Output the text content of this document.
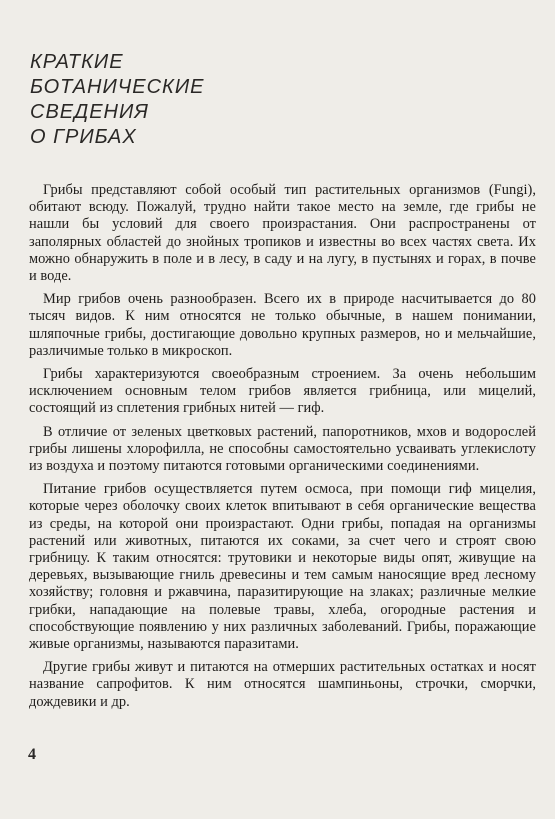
КРАТКИЕ
БОТАНИЧЕСКИЕ
СВЕДЕНИЯ
О ГРИБАХ

Грибы представляют собой особый тип растительных организмов (Fungi), обитают всюду. Пожалуй, трудно найти такое место на земле, где грибы не нашли бы условий для своего произрастания. Они распространены от заполярных областей до знойных тропиков и известны во всех частях света. Их можно обнаружить в поле и в лесу, в саду и на лугу, в пустынях и горах, в почве и воде.

Мир грибов очень разнообразен. Всего их в природе насчитывается до 80 тысяч видов. К ним относятся не только обычные, в нашем понимании, шляпочные грибы, достигающие довольно крупных размеров, но и мельчайшие, различимые только в микроскоп.

Грибы характеризуются своеобразным строением. За очень небольшим исключением основным телом грибов является грибница, или мицелий, состоящий из сплетения грибных нитей — гиф.

В отличие от зеленых цветковых растений, папоротников, мхов и водорослей грибы лишены хлорофилла, не способны самостоятельно усваивать углекислоту из воздуха и поэтому питаются готовыми органическими соединениями.

Питание грибов осуществляется путем осмоса, при помощи гиф мицелия, которые через оболочку своих клеток впитывают в себя органические вещества из среды, на которой они произрастают. Одни грибы, попадая на организмы растений или животных, питаются их соками, за счет чего и строят свою грибницу. К таким относятся: трутовики и некоторые виды опят, живущие на деревьях, вызывающие гниль древесины и тем самым наносящие вред лесному хозяйству; головня и ржавчина, паразитирующие на злаках; различные мелкие грибки, нападающие на полевые травы, хлеба, огородные растения и способствующие появлению у них различных заболеваний. Грибы, поражающие живые организмы, называются паразитами.

Другие грибы живут и питаются на отмерших растительных остатках и носят название сапрофитов. К ним относятся шампиньоны, строчки, сморчки, дождевики и др.

4
